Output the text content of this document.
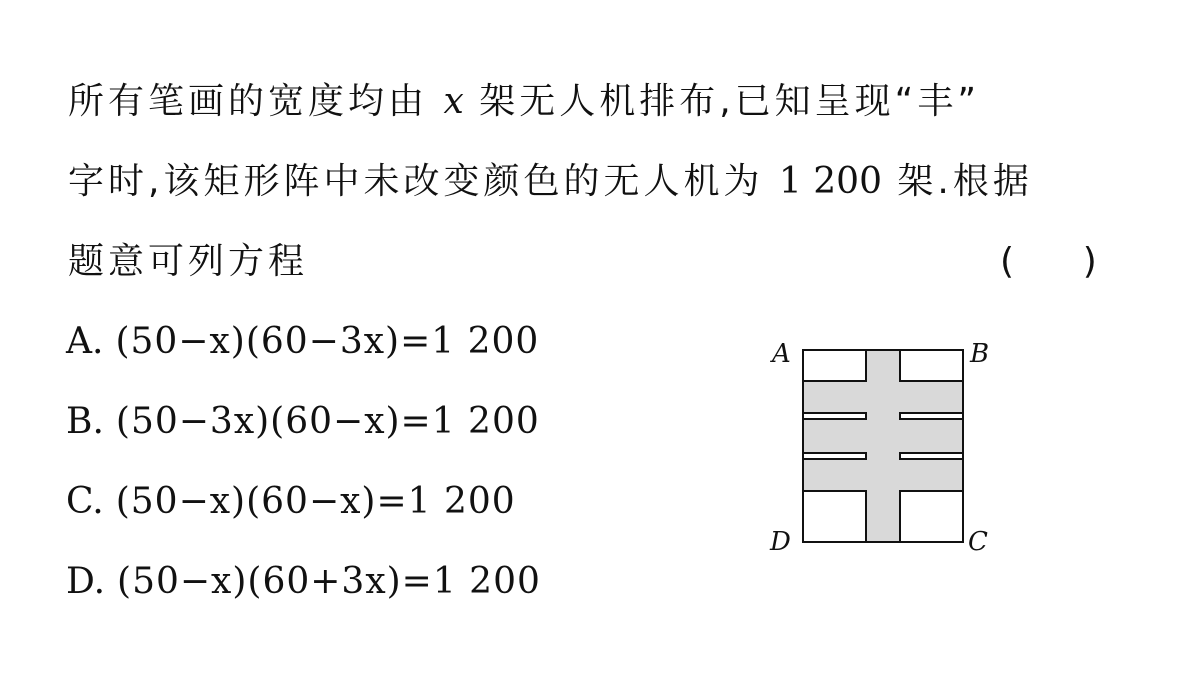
所有笔画的宽度均由 x 架无人机排布,已知呈现“丰”
字时,该矩形阵中未改变颜色的无人机为 1 200 架.根据
题意可列方程	(      )
A. (50−x)(60−3x)=1 200
B. (50−3x)(60−x)=1 200
C. (50−x)(60−x)=1 200
D. (50−x)(60+3x)=1 200
A	B
C
D
